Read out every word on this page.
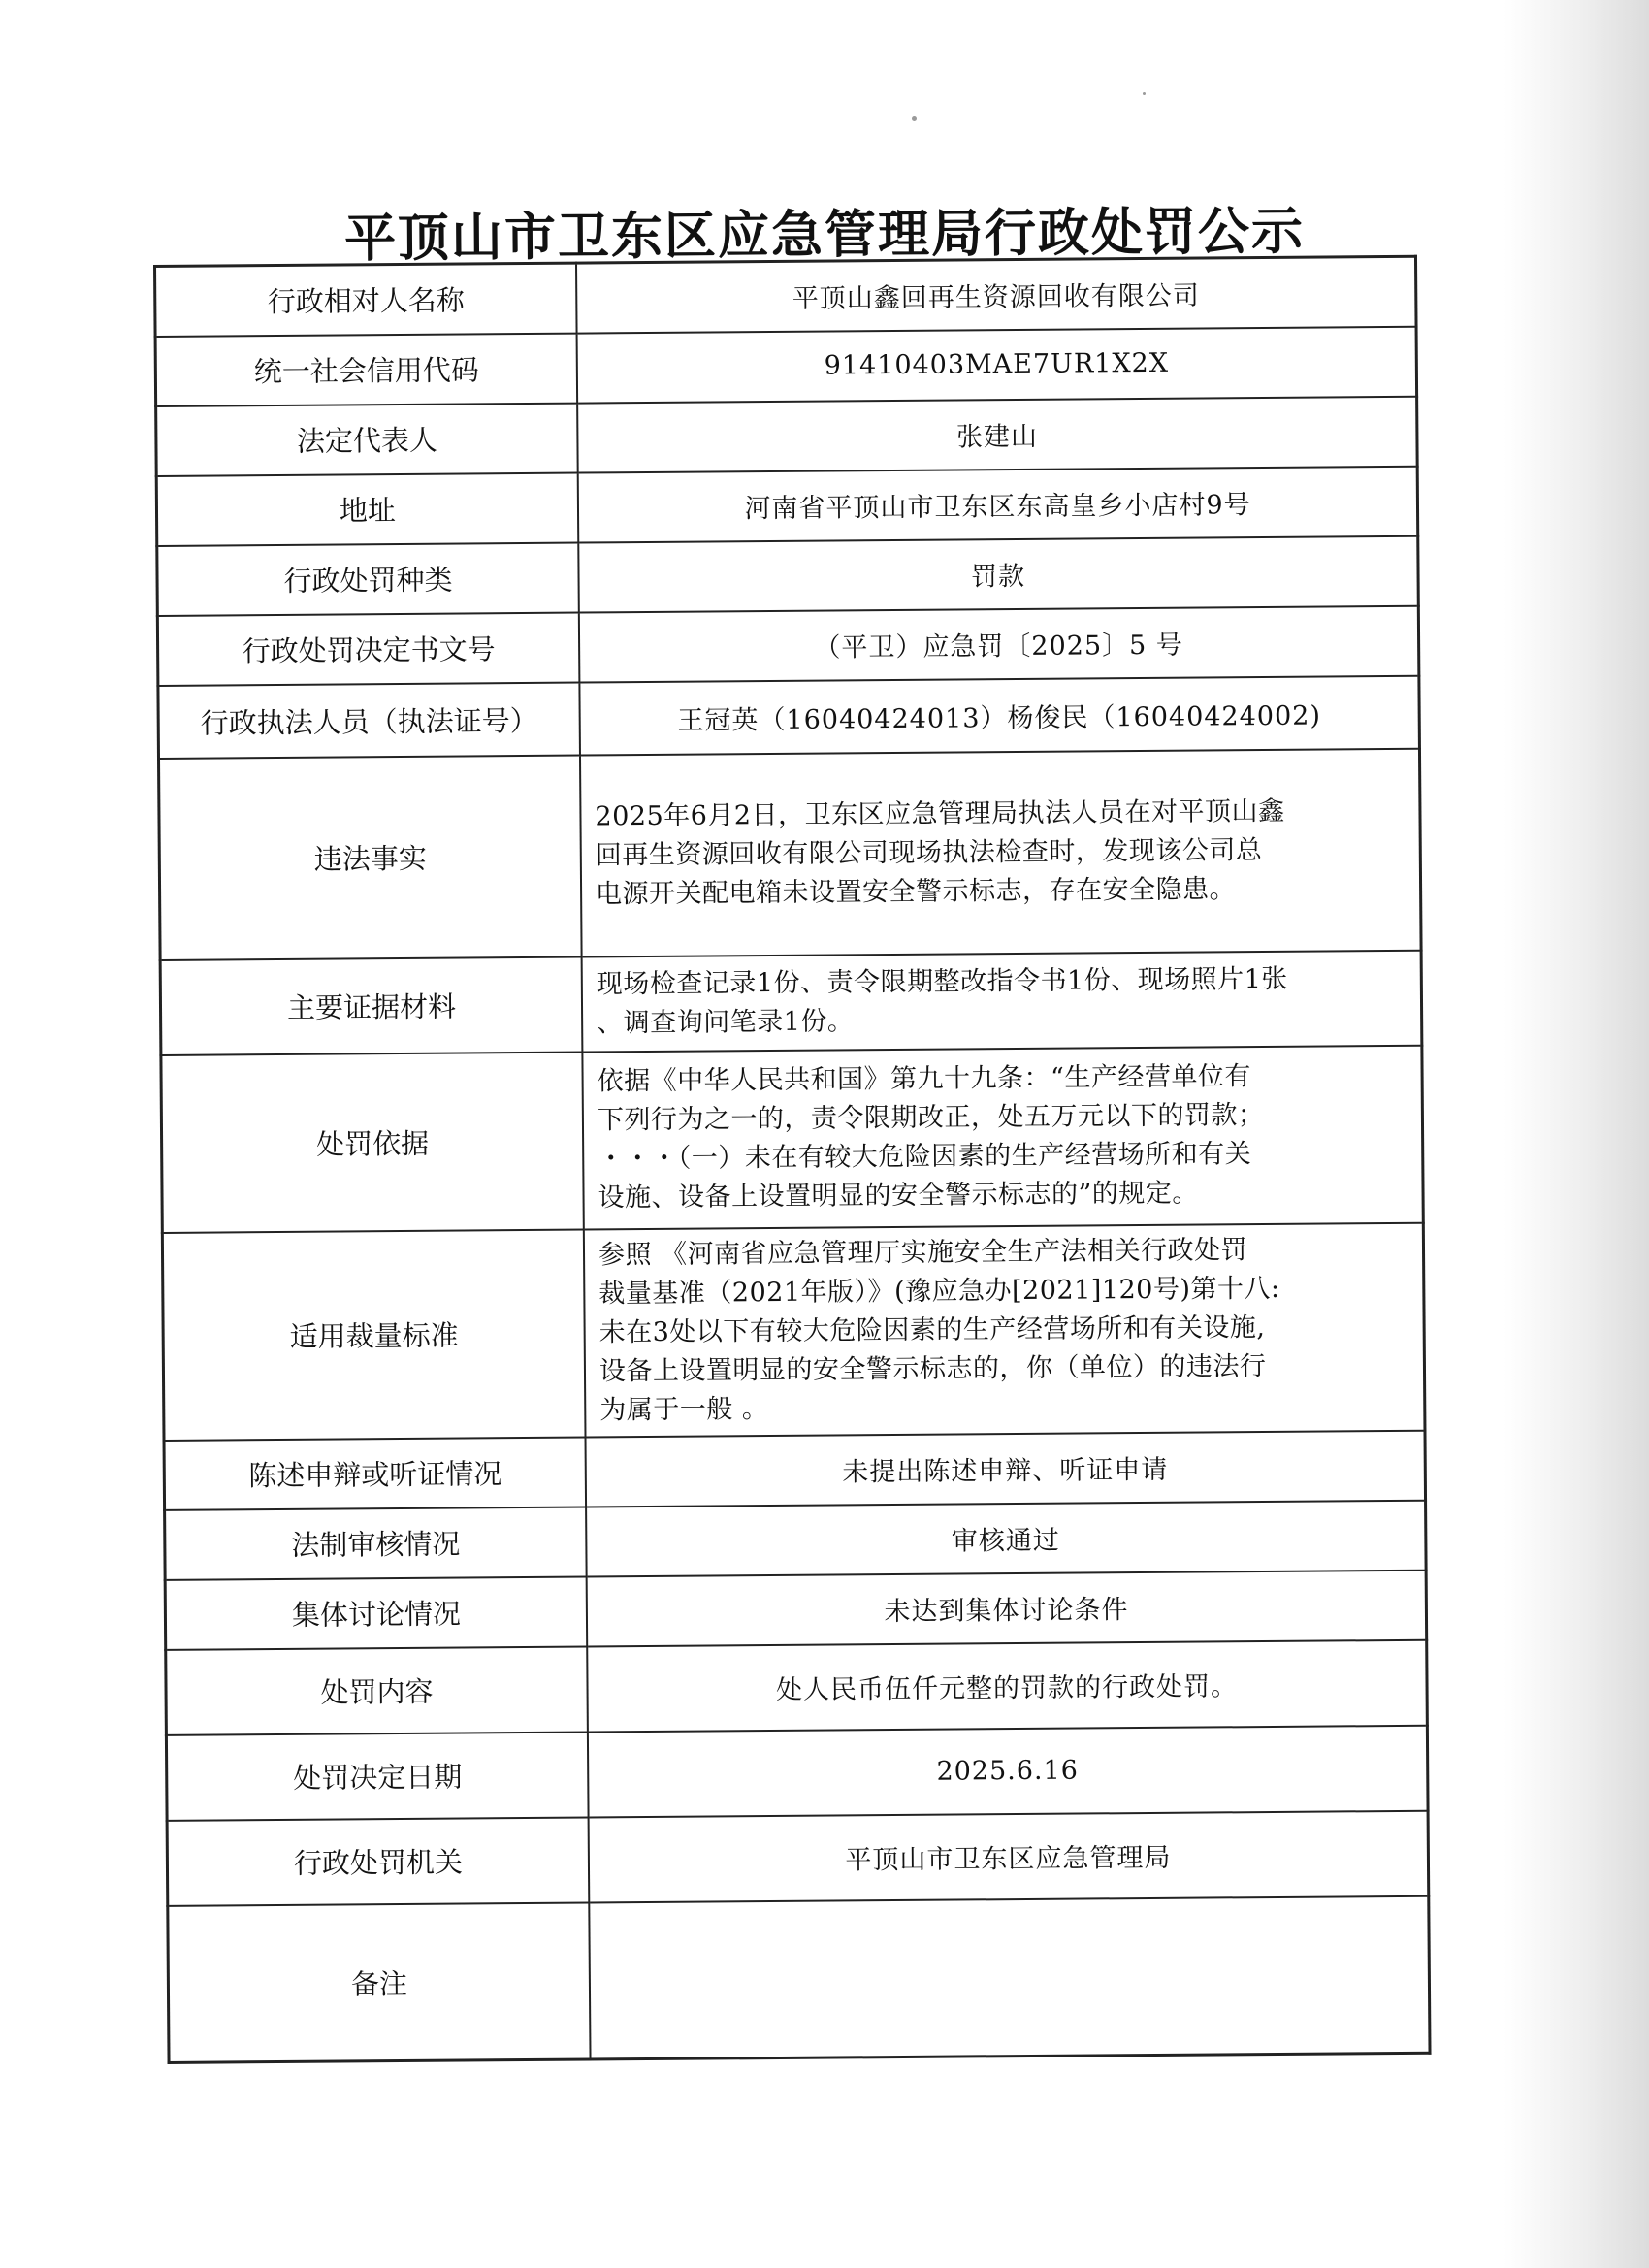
平顶山市卫东区应急管理局行政处罚公示
行政相对人名称	平顶山鑫回再生资源回收有限公司
统一社会信用代码	91410403MAE7UR1X2X
法定代表人	张建山
地址	河南省平顶山市卫东区东高皇乡小店村9号
行政处罚种类	罚款
行政处罚决定书文号	（平卫）应急罚〔2025〕5 号
行政执法人员（执法证号）	王冠英（16040424013）杨俊民（16040424002)
违法事实	2025年6月2日，卫东区应急管理局执法人员在对平顶山鑫
回再生资源回收有限公司现场执法检查时，发现该公司总
电源开关配电箱未设置安全警示标志，存在安全隐患。

主要证据材料	现场检查记录1份、责令限期整改指令书1份、现场照片1张
、调查询问笔录1份。

处罚依据	依据《中华人民共和国》第九十九条：“生产经营单位有
下列行为之一的，责令限期改正，处五万元以下的罚款；
・・・（一）未在有较大危险因素的生产经营场所和有关
设施、设备上设置明显的安全警示标志的”的规定。

适用裁量标准	参照 《河南省应急管理厅实施安全生产法相关行政处罚
裁量基准（2021年版）》(豫应急办[2021]120号)第十八:
未在3处以下有较大危险因素的生产经营场所和有关设施,
设备上设置明显的安全警示标志的，你（单位）的违法行
为属于一般 。

陈述申辩或听证情况	未提出陈述申辩、听证申请
法制审核情况	审核通过
集体讨论情况	未达到集体讨论条件
处罚内容	处人民币伍仟元整的罚款的行政处罚。
处罚决定日期	2025.6.16
行政处罚机关	平顶山市卫东区应急管理局
备注	
